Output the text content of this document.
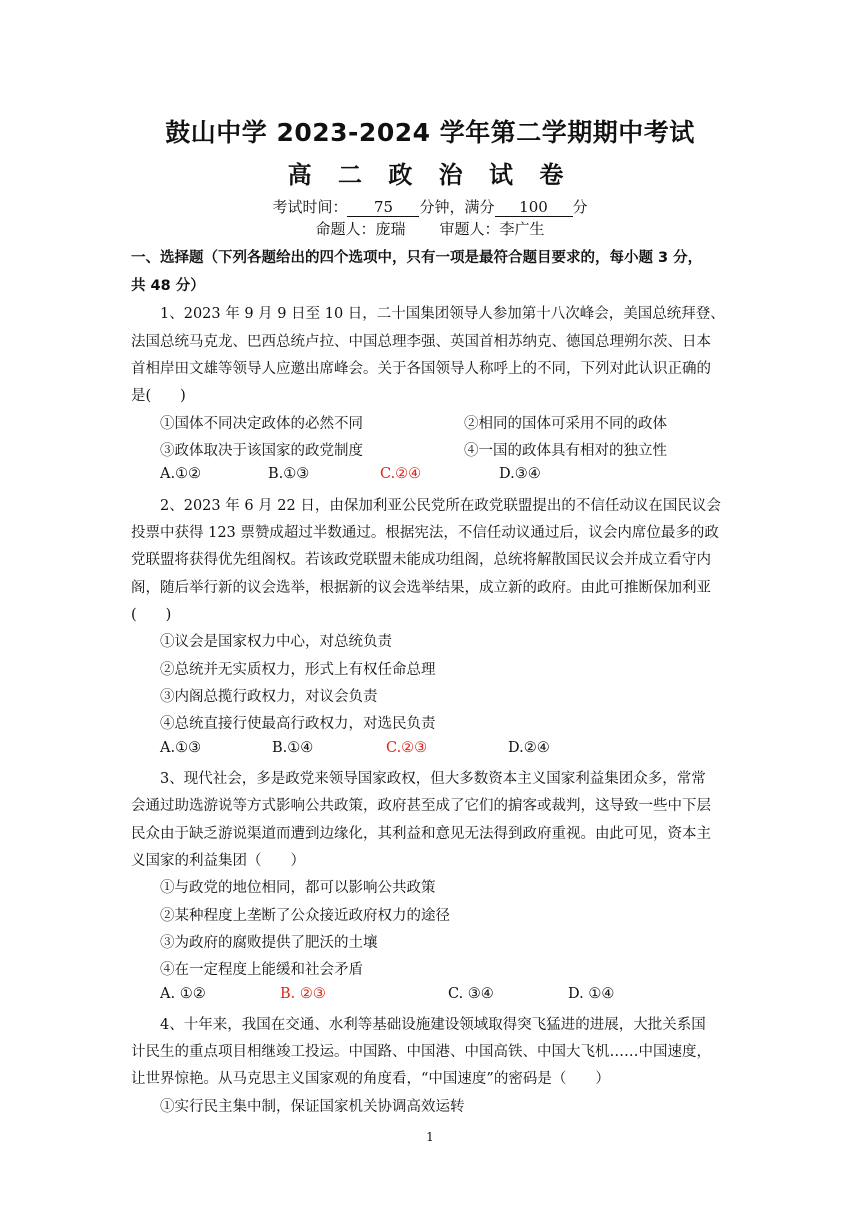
鼓山中学 2023-2024 学年第二学期期中考试
高 二 政 治 试 卷
考试时间： 75 分钟，满分 100 分
命题人：庞瑞 审题人：李广生
一、选择题（下列各题给出的四个选项中，只有一项是最符合题目要求的，每小题 3 分，
共 48 分）
1、2023 年 9 月 9 日至 10 日，二十国集团领导人参加第十八次峰会，美国总统拜登、
法国总统马克龙、巴西总统卢拉、中国总理李强、英国首相苏纳克、德国总理朔尔茨、日本
首相岸田文雄等领导人应邀出席峰会。关于各国领导人称呼上的不同，下列对此认识正确的
是(　　)
①国体不同决定政体的必然不同	②相同的国体可采用不同的政体
③政体取决于该国家的政党制度	④一国的政体具有相对的独立性
A.①②	B.①③	C.②④	D.③④
2、2023 年 6 月 22 日，由保加利亚公民党所在政党联盟提出的不信任动议在国民议会
投票中获得 123 票赞成超过半数通过。根据宪法，不信任动议通过后，议会内席位最多的政
党联盟将获得优先组阁权。若该政党联盟未能成功组阁，总统将解散国民议会并成立看守内
阁，随后举行新的议会选举，根据新的议会选举结果，成立新的政府。由此可推断保加利亚
(　　)
①议会是国家权力中心，对总统负责
②总统并无实质权力，形式上有权任命总理
③内阁总揽行政权力，对议会负责
④总统直接行使最高行政权力，对选民负责
A.①③	B.①④	C.②③	D.②④
3、现代社会，多是政党来领导国家政权，但大多数资本主义国家利益集团众多，常常
会通过助选游说等方式影响公共政策，政府甚至成了它们的掮客或裁判，这导致一些中下层
民众由于缺乏游说渠道而遭到边缘化，其利益和意见无法得到政府重视。由此可见，资本主
义国家的利益集团（　　）
①与政党的地位相同，都可以影响公共政策
②某种程度上垄断了公众接近政府权力的途径
③为政府的腐败提供了肥沃的土壤
④在一定程度上能缓和社会矛盾
A. ①②	B. ②③	C. ③④	D. ①④
4、十年来，我国在交通、水利等基础设施建设领域取得突飞猛进的进展，大批关系国
计民生的重点项目相继竣工投运。中国路、中国港、中国高铁、中国大飞机……中国速度，
让世界惊艳。从马克思主义国家观的角度看，“中国速度”的密码是（　　）
①实行民主集中制，保证国家机关协调高效运转
1
